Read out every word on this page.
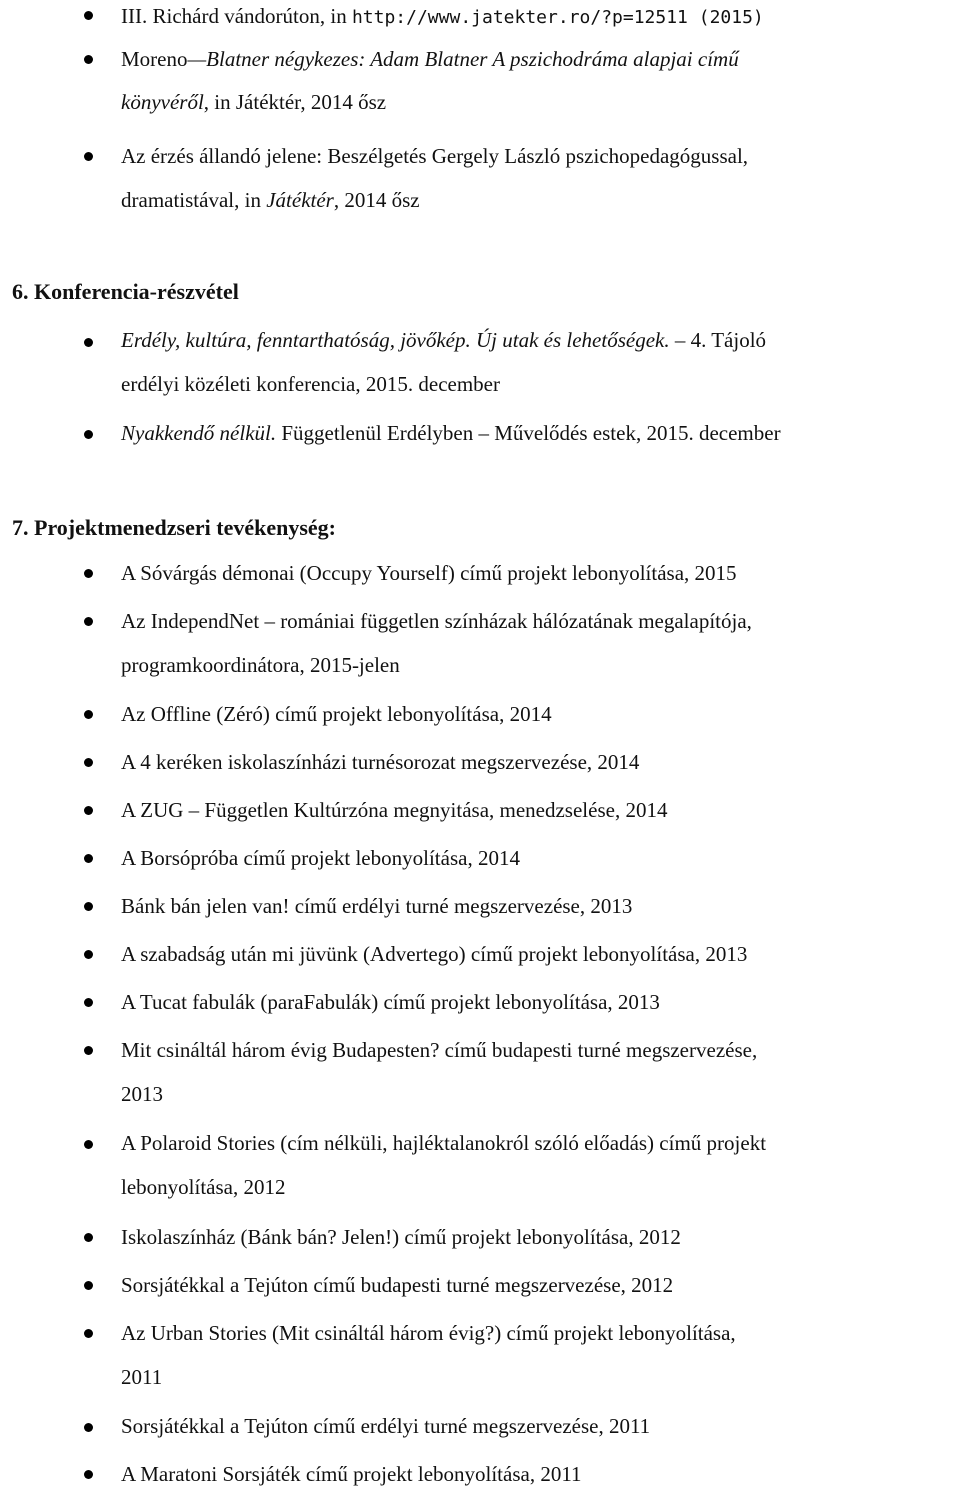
III. Richárd vándorúton, in http://www.jatekter.ro/?p=12511 (2015)
Moreno—Blatner négykezes: Adam Blatner A pszichodráma alapjai című
könyvéről, in Játéktér, 2014 ősz
Az érzés állandó jelene: Beszélgetés Gergely László pszichopedagógussal,
dramatistával, in Játéktér, 2014 ősz
6. Konferencia-részvétel
Erdély, kultúra, fenntarthatóság, jövőkép. Új utak és lehetőségek. – 4. Tájoló
erdélyi közéleti konferencia, 2015. december
Nyakkendő nélkül. Függetlenül Erdélyben – Művelődés estek, 2015. december
7. Projektmenedzseri tevékenység:
A Sóvárgás démonai (Occupy Yourself) című projekt lebonyolítása, 2015
Az IndependNet – romániai független színházak hálózatának megalapítója,
programkoordinátora, 2015-jelen
Az Offline (Zéró) című projekt lebonyolítása, 2014
A 4 keréken iskolaszínházi turnésorozat megszervezése, 2014
A ZUG – Független Kultúrzóna megnyitása, menedzselése, 2014
A Borsópróba című projekt lebonyolítása, 2014
Bánk bán jelen van! című erdélyi turné megszervezése, 2013
A szabadság után mi jüvünk (Advertego) című projekt lebonyolítása, 2013
A Tucat fabulák (paraFabulák) című projekt lebonyolítása, 2013
Mit csináltál három évig Budapesten? című budapesti turné megszervezése,
2013
A Polaroid Stories (cím nélküli, hajléktalanokról szóló előadás) című projekt
lebonyolítása, 2012
Iskolaszínház (Bánk bán? Jelen!) című projekt lebonyolítása, 2012
Sorsjátékkal a Tejúton című budapesti turné megszervezése, 2012
Az Urban Stories (Mit csináltál három évig?) című projekt lebonyolítása,
2011
Sorsjátékkal a Tejúton című erdélyi turné megszervezése, 2011
A Maratoni Sorsjáték című projekt lebonyolítása, 2011
